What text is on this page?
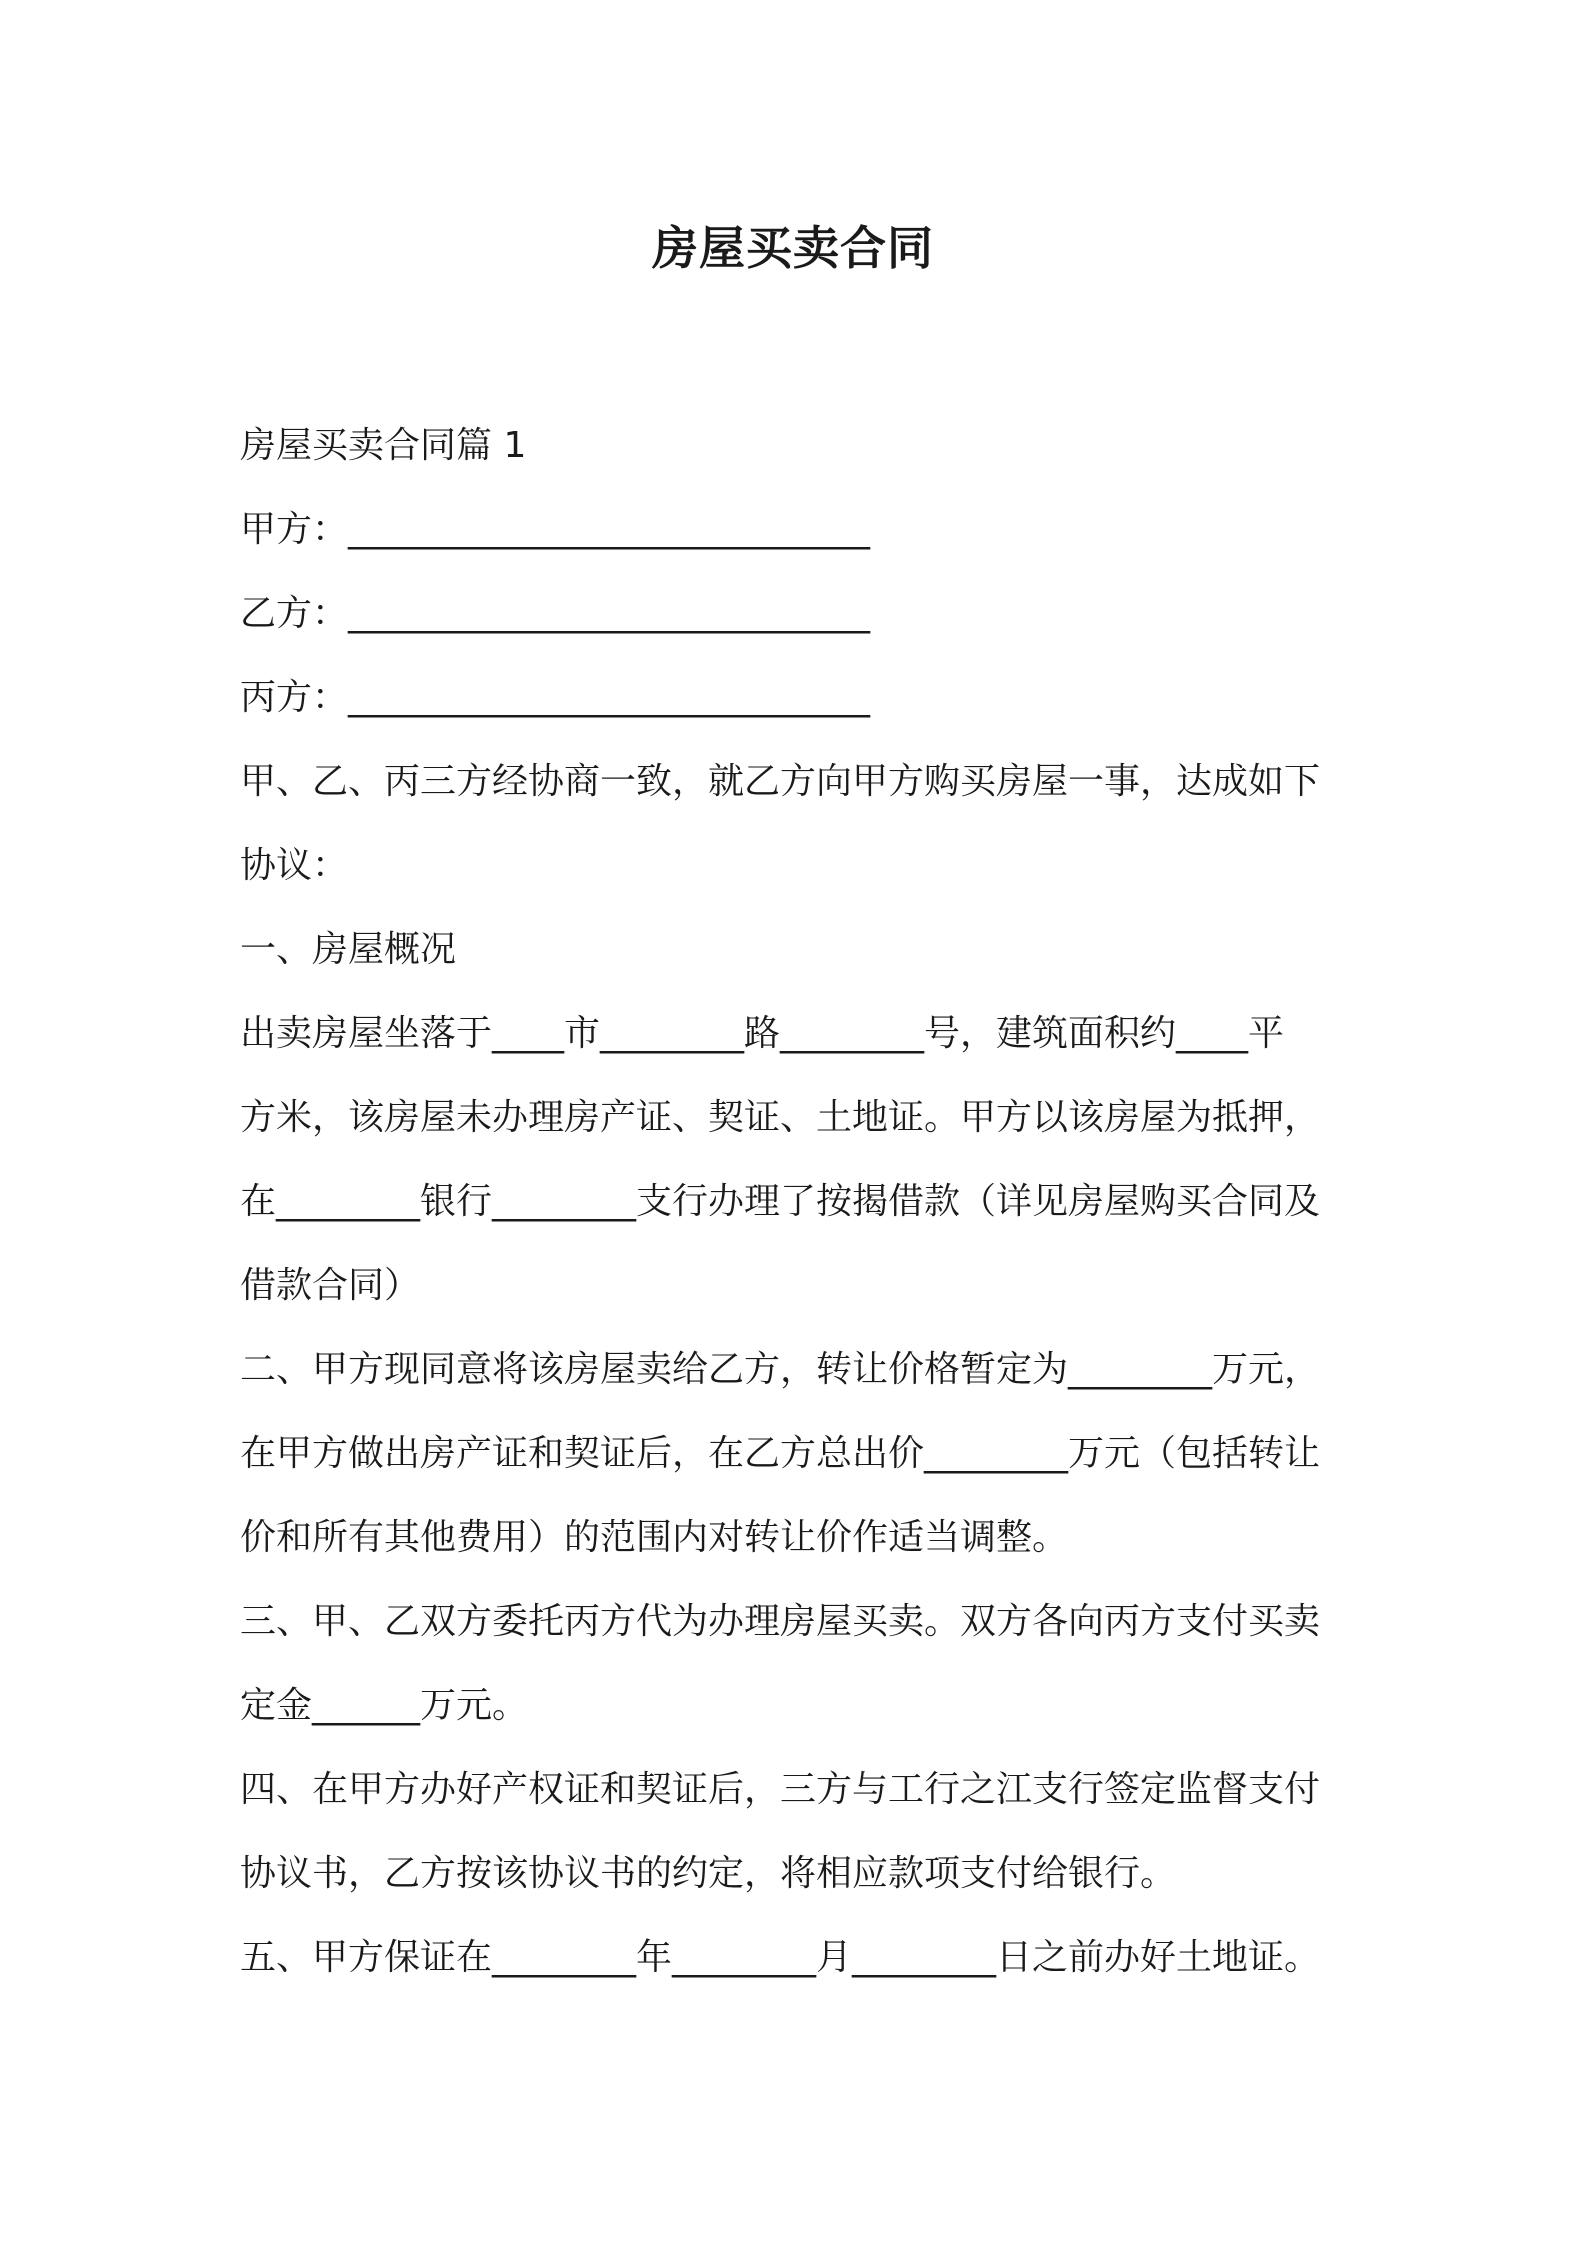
房屋买卖合同

房屋买卖合同篇 1

甲方：_____________________________

乙方：_____________________________

丙方：_____________________________

甲、乙、丙三方经协商一致，就乙方向甲方购买房屋一事，达成如下

协议：

一、房屋概况

出卖房屋坐落于____市________路________号，建筑面积约____平

方米，该房屋未办理房产证、契证、土地证。甲方以该房屋为抵押，

在________银行________支行办理了按揭借款（详见房屋购买合同及

借款合同）

二、甲方现同意将该房屋卖给乙方，转让价格暂定为________万元，

在甲方做出房产证和契证后，在乙方总出价________万元（包括转让

价和所有其他费用）的范围内对转让价作适当调整。

三、甲、乙双方委托丙方代为办理房屋买卖。双方各向丙方支付买卖

定金______万元。

四、在甲方办好产权证和契证后，三方与工行之江支行签定监督支付

协议书，乙方按该协议书的约定，将相应款项支付给银行。

五、甲方保证在________年________月________日之前办好土地证。
